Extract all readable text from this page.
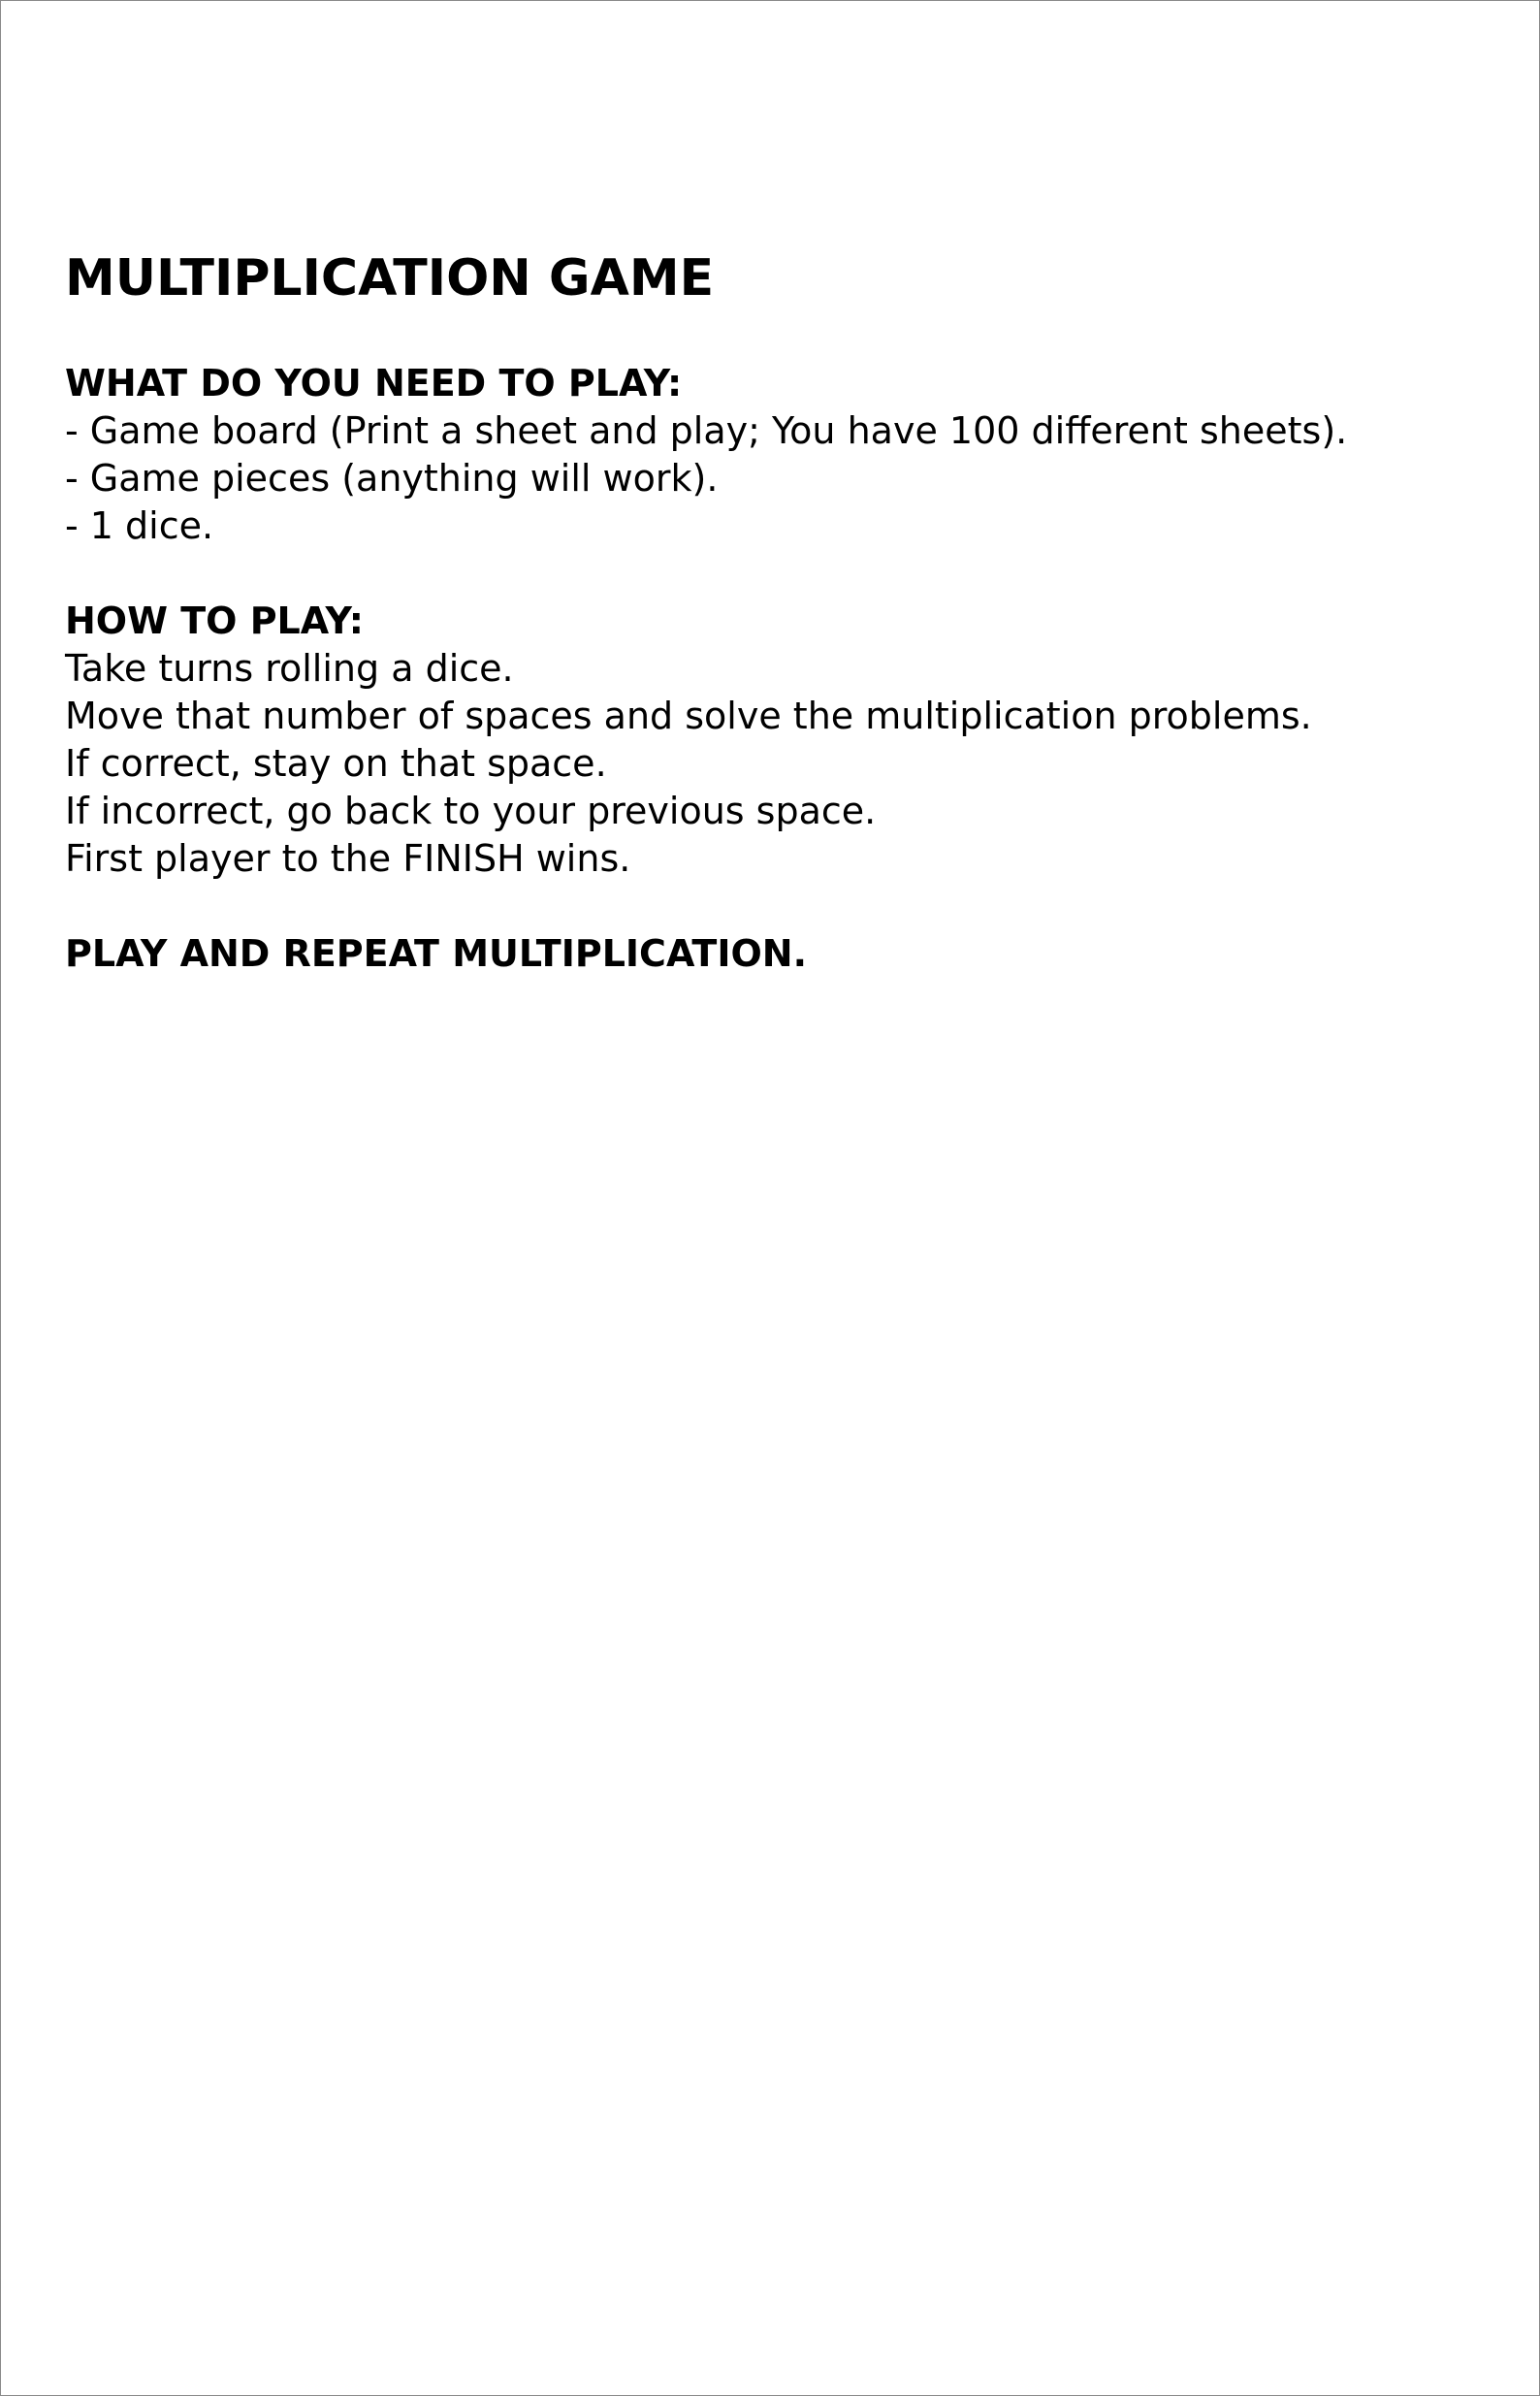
MULTIPLICATION GAME

WHAT DO YOU NEED TO PLAY:

- Game board (Print a sheet and play; You have 100 different sheets).

- Game pieces (anything will work).

- 1 dice.

HOW TO PLAY:

Take turns rolling a dice.

Move that number of spaces and solve the multiplication problems.

If correct, stay on that space.

If incorrect, go back to your previous space.

First player to the FINISH wins.

PLAY AND REPEAT MULTIPLICATION.
